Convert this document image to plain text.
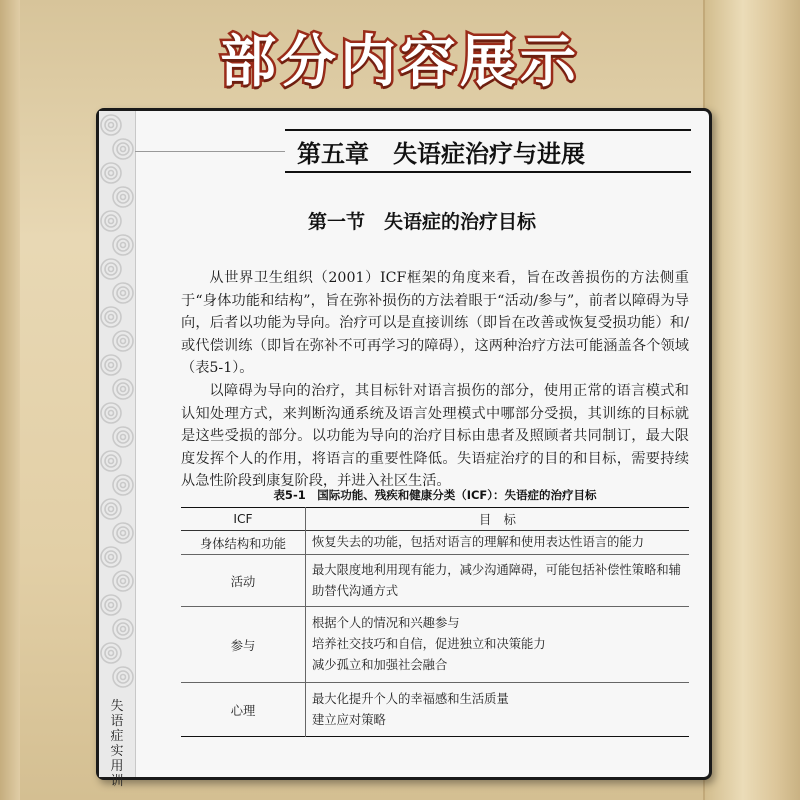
部分内容展示
失语症实用训
第五章　失语症治疗与进展
第一节　失语症的治疗目标

从世界卫生组织（2001）ICF框架的角度来看，旨在改善损伤的方法侧重于“身体功能和结构”，旨在弥补损伤的方法着眼于“活动/参与”，前者以障碍为导向，后者以功能为导向。治疗可以是直接训练（即旨在改善或恢复受损功能）和/或代偿训练（即旨在弥补不可再学习的障碍），这两种治疗方法可能涵盖各个领域（表5-1）。

以障碍为导向的治疗，其目标针对语言损伤的部分，使用正常的语言模式和认知处理方式，来判断沟通系统及语言处理模式中哪部分受损，其训练的目标就是这些受损的部分。以功能为导向的治疗目标由患者及照顾者共同制订，最大限度发挥个人的作用，将语言的重要性降低。失语症治疗的目的和目标，需要持续从急性阶段到康复阶段，并进入社区生活。

表5-1　国际功能、残疾和健康分类（ICF）：失语症的治疗目标
ICF	目　标
身体结构和功能	恢复失去的功能，包括对语言的理解和使用表达性语言的能力

活动	最大限度地利用现有能力，减少沟通障碍，可能包括补偿性策略和辅助替代沟通方式

参与	根据个人的情况和兴趣参与
培养社交技巧和自信，促进独立和决策能力
减少孤立和加强社会融合

心理	最大化提升个人的幸福感和生活质量
建立应对策略
